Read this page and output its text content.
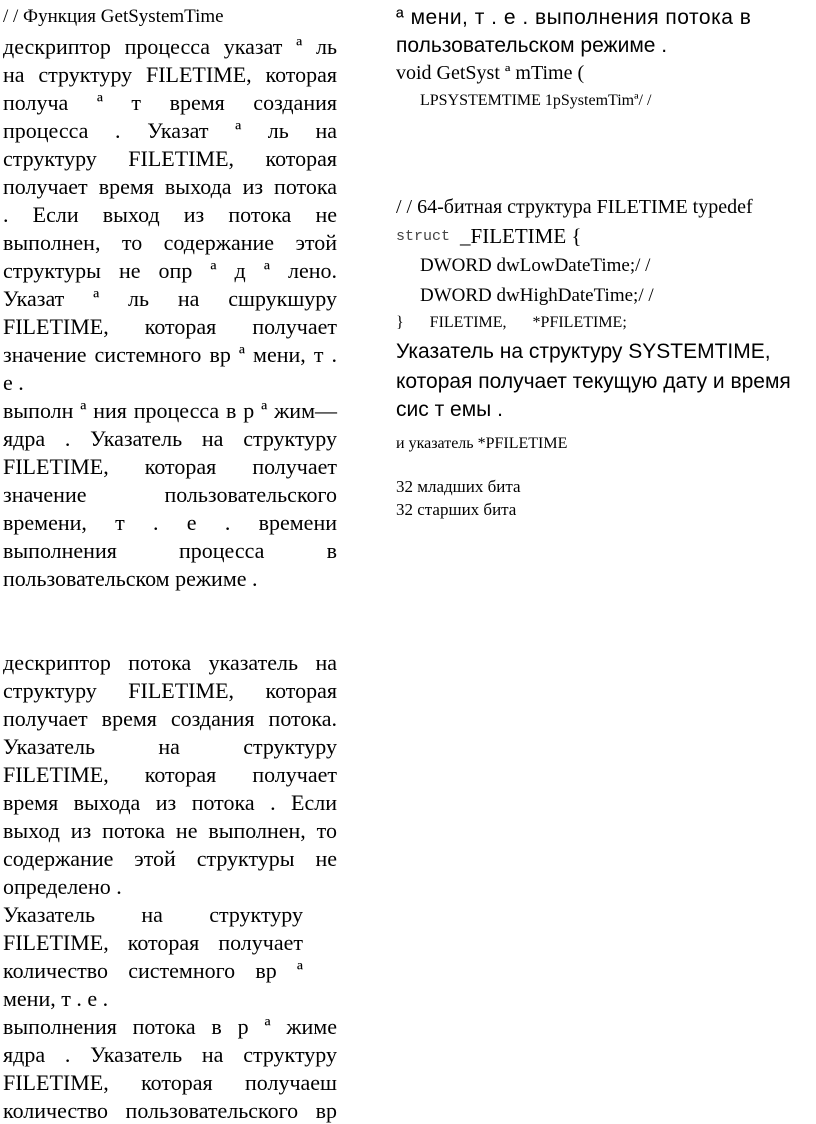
/ / Функция GetSystemTime
дескриптор процесса указат ª ль
на структуру FILETIME, которая
получа ª т время создания
процесса . Указат ª ль на
структуру FILETIME, которая
получает время выхода из потока
. Если выход из потока не
выполнен, то содержание этой
структуры не опр ª д ª лено.
Указат ª ль на сшрукшуру
FILETIME, которая получает
значение системного вр ª мени, т .
е .
выполн ª ния процесса в р ª жим—
ядра . Указатель на структуру
FILETIME, которая получает
значение пользовательского
времени, т . е . времени
выполнения процесса в
пользовательском режиме .
дескриптор потока указатель на
структуру FILETIME, которая
получает время создания потока.
Указатель на структуру
FILETIME, которая получает
время выхода из потока . Если
выход из потока не выполнен, то
содержание этой структуры не
определено .
Указатель на структуру
FILETIME, которая получает
количество системного вр ª
мени, т . е .
выполнения потока в р ª жиме
ядра . Указатель на структуру
FILETIME, которая получаеш
количество пользовательского вр
ª мени, т . е . выполнения потока в
пользовательском режиме .
void GetSyst ª mTime (
LPSYSTEMTIME 1pSystemTimª/ /
/ / 64-битная структура FILETIME typedef
struct _FILETIME {
DWORD dwLowDateTime;/ /
DWORD dwHighDateTime;/ /
} FILETIME, *PFILETIME;
Указатель на структуру SYSTEMTIME,
которая получает текущую дату и время
сис т емы .
и указатель *PFILETIME
32 младших бита
32 старших бита
